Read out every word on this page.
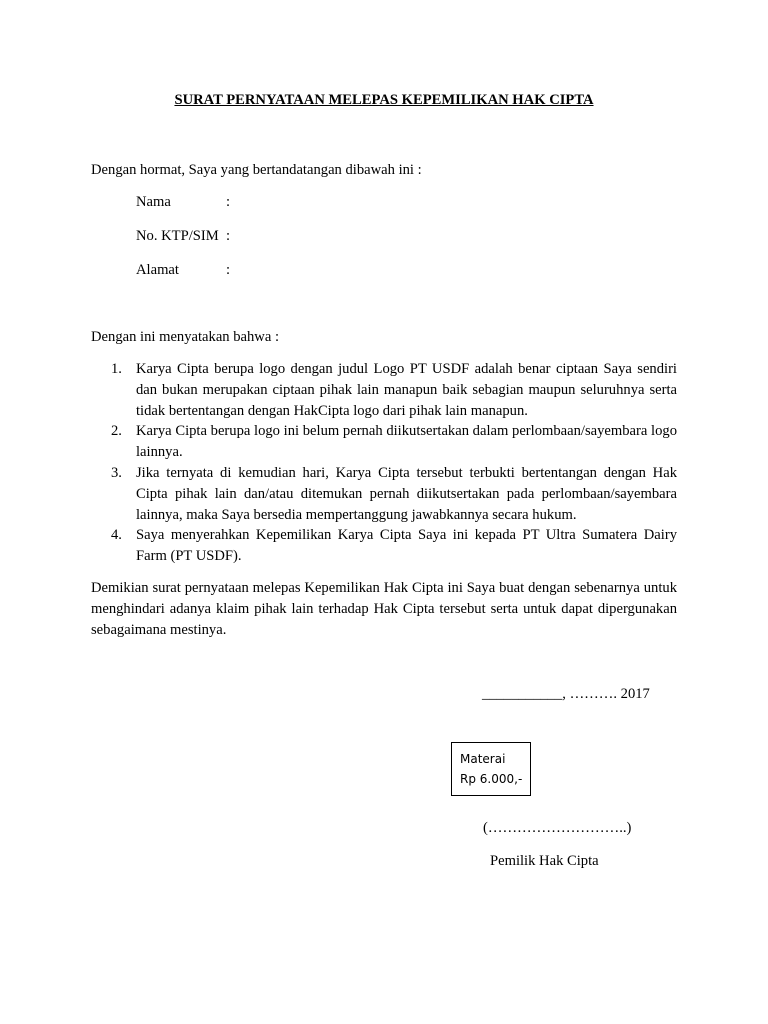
SURAT PERNYATAAN MELEPAS KEPEMILIKAN HAK CIPTA
Dengan hormat, Saya yang bertandatangan dibawah ini :
Nama	:
No. KTP/SIM :
Alamat	:
Dengan ini menyatakan bahwa :
1. Karya Cipta berupa logo dengan judul Logo PT USDF adalah benar ciptaan Saya sendiri dan bukan merupakan ciptaan pihak lain manapun baik sebagian maupun seluruhnya serta tidak bertentangan dengan HakCipta logo dari pihak lain manapun.
2. Karya Cipta berupa logo ini belum pernah diikutsertakan dalam perlombaan/sayembara logo lainnya.
3. Jika ternyata di kemudian hari, Karya Cipta tersebut terbukti bertentangan dengan Hak Cipta pihak lain dan/atau ditemukan pernah diikutsertakan pada perlombaan/sayembara lainnya, maka Saya bersedia mempertanggung jawabkannya secara hukum.
4. Saya menyerahkan Kepemilikan Karya Cipta Saya ini kepada PT Ultra Sumatera Dairy Farm (PT USDF).
Demikian surat pernyataan melepas Kepemilikan Hak Cipta ini Saya buat dengan sebenarnya untuk menghindari adanya klaim pihak lain terhadap Hak Cipta tersebut serta untuk dapat dipergunakan sebagaimana mestinya.
___________, ………. 2017
Materai
Rp 6.000,-
(………………………..)
Pemilik Hak Cipta
